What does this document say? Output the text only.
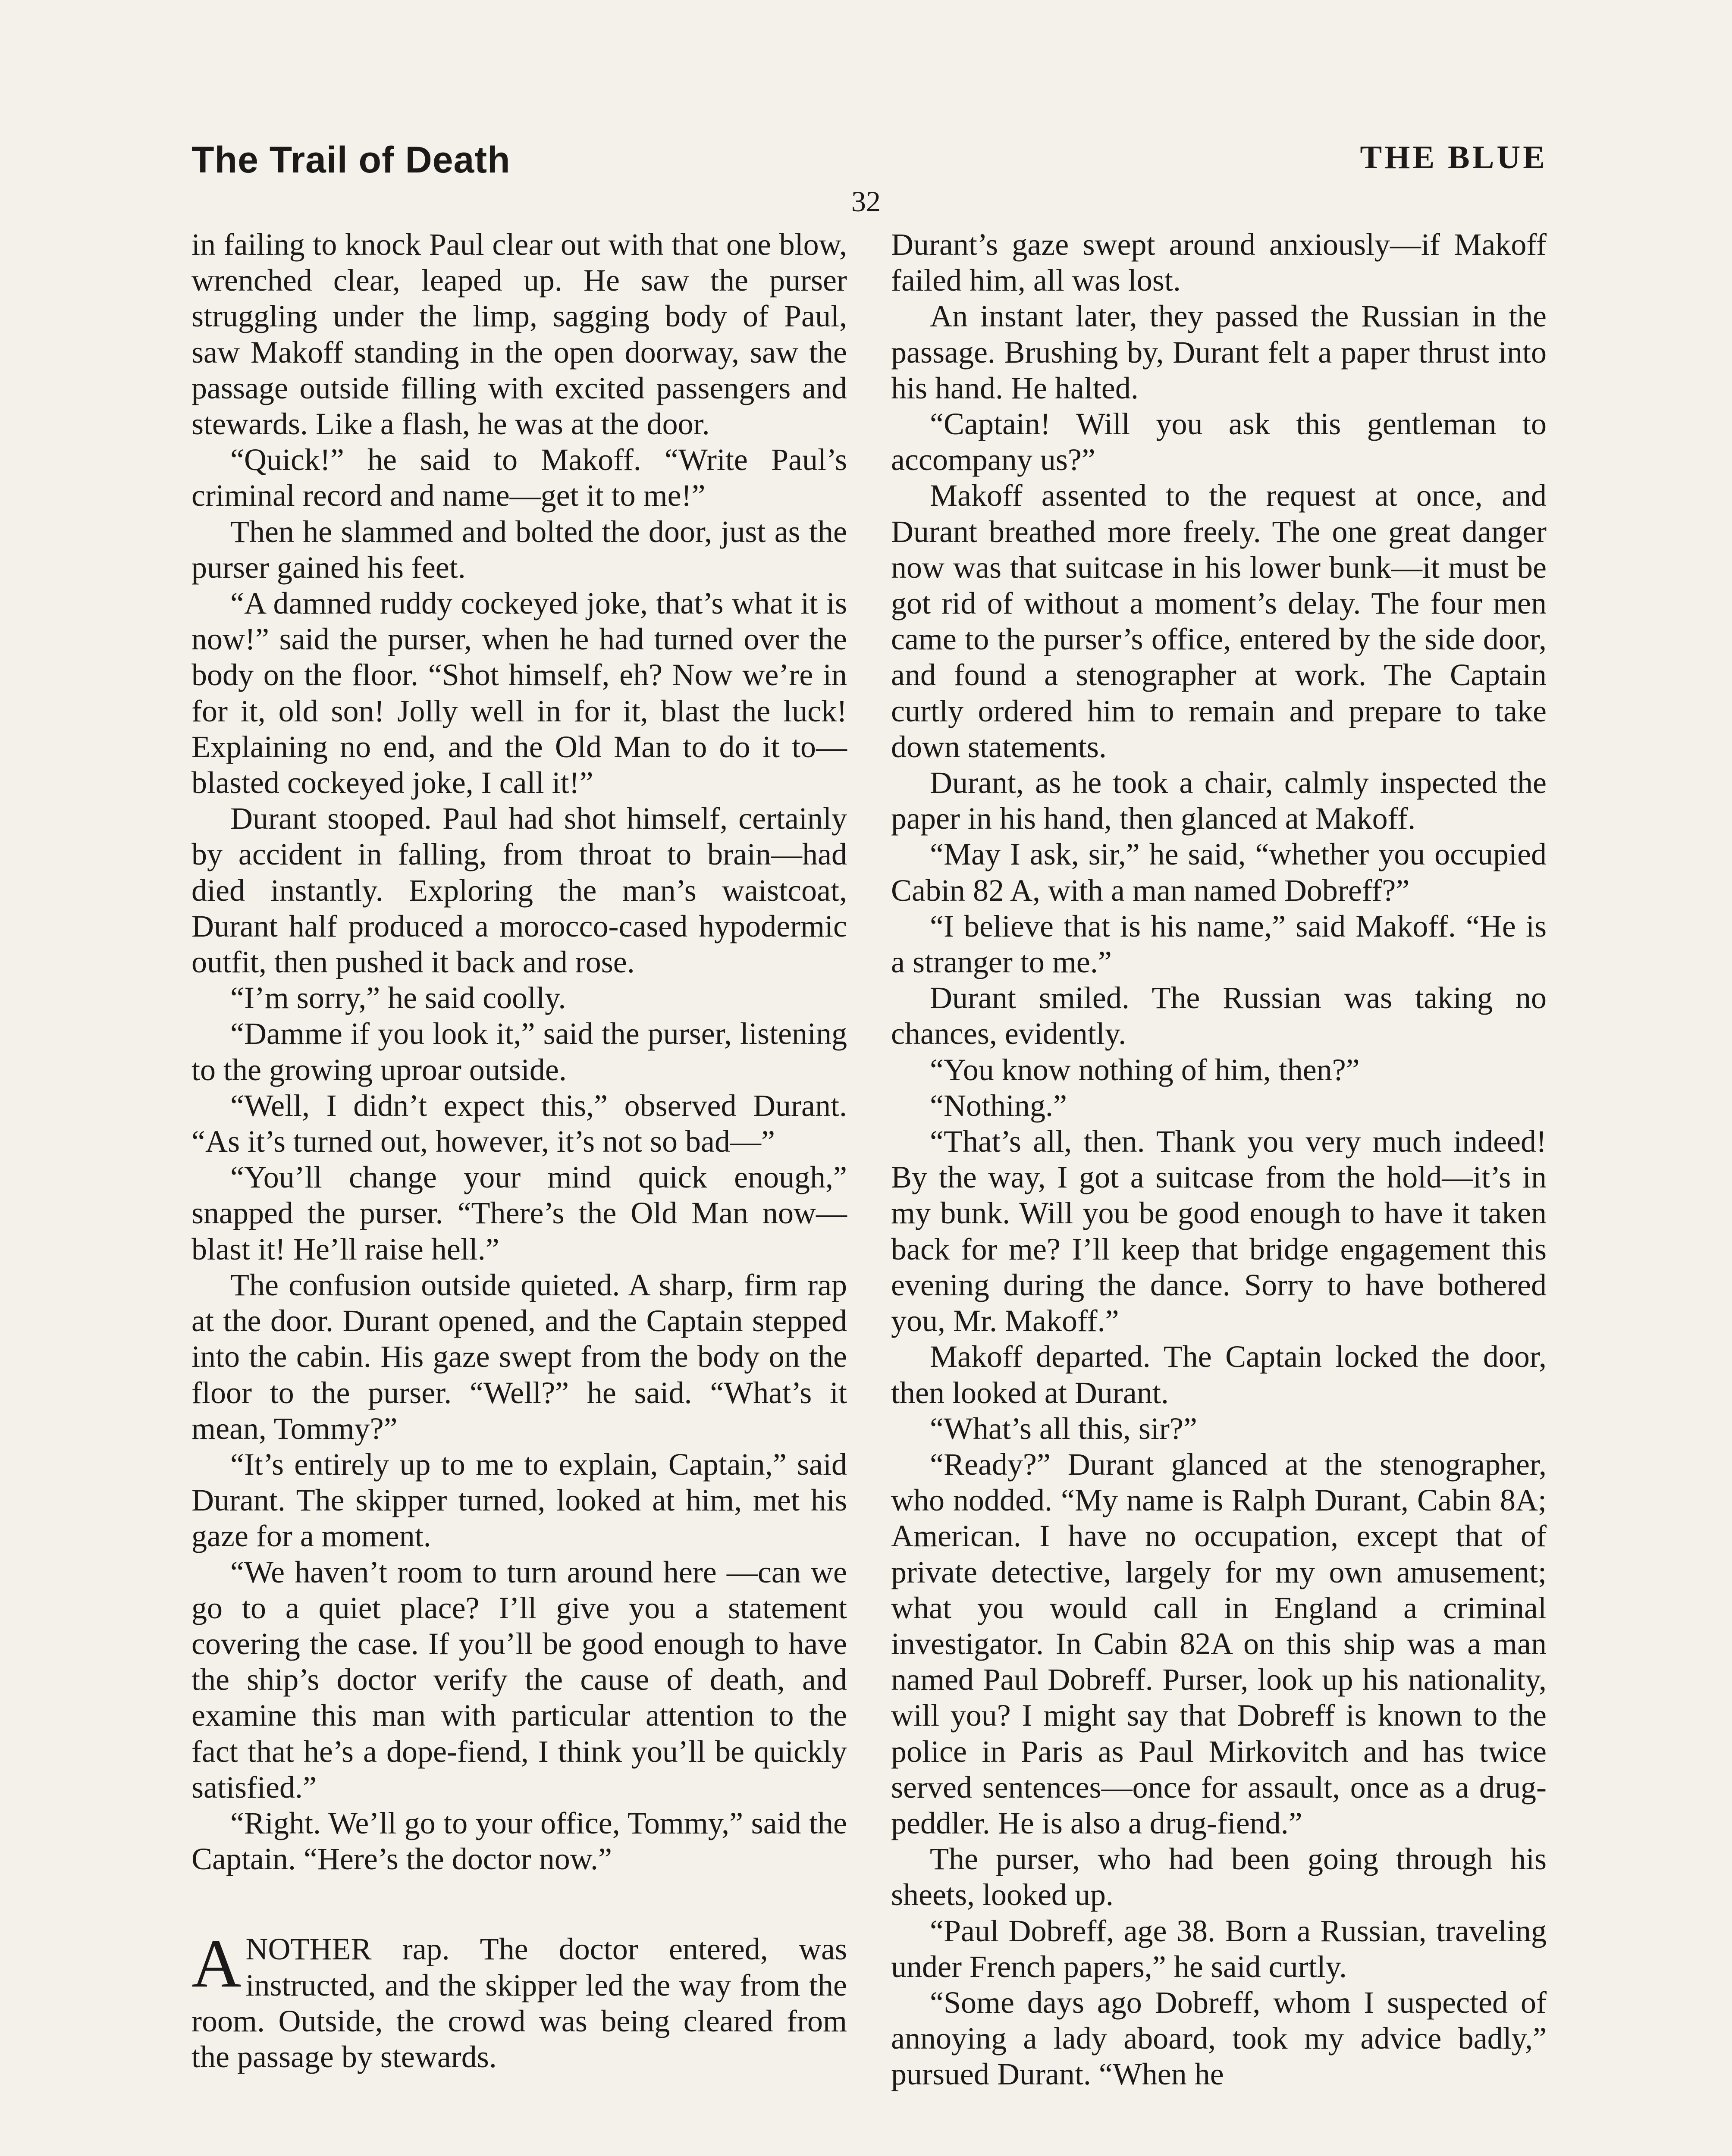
The Trail of Death	THE BLUE
32

in failing to knock Paul clear out with that one blow, wrenched clear, leaped up. He saw the purser struggling under the limp, sagging body of Paul, saw Makoff standing in the open doorway, saw the passage outside filling with excited passengers and stewards. Like a flash, he was at the door.

“Quick!” he said to Makoff. “Write Paul’s criminal record and name—get it to me!”

Then he slammed and bolted the door, just as the purser gained his feet.

“A damned ruddy cockeyed joke, that’s what it is now!” said the purser, when he had turned over the body on the floor. “Shot himself, eh? Now we’re in for it, old son! Jolly well in for it, blast the luck! Explaining no end, and the Old Man to do it to—blasted cockeyed joke, I call it!”

Durant stooped. Paul had shot himself, certainly by accident in falling, from throat to brain—had died instantly. Exploring the man’s waistcoat, Durant half produced a morocco-cased hypodermic outfit, then pushed it back and rose.

“I’m sorry,” he said coolly.

“Damme if you look it,” said the purser, listening to the growing uproar outside.

“Well, I didn’t expect this,” observed Durant. “As it’s turned out, however, it’s not so bad—”

“You’ll change your mind quick enough,” snapped the purser. “There’s the Old Man now—blast it! He’ll raise hell.”

The confusion outside quieted. A sharp, firm rap at the door. Durant opened, and the Captain stepped into the cabin. His gaze swept from the body on the floor to the purser. “Well?” he said. “What’s it mean, Tommy?”

“It’s entirely up to me to explain, Captain,” said Durant. The skipper turned, looked at him, met his gaze for a moment.

“We haven’t room to turn around here —can we go to a quiet place? I’ll give you a statement covering the case. If you’ll be good enough to have the ship’s doctor verify the cause of death, and examine this man with particular attention to the fact that he’s a dope-fiend, I think you’ll be quickly satisfied.”

“Right. We’ll go to your office, Tommy,” said the Captain. “Here’s the doctor now.”

ANOTHER rap. The doctor entered, was instructed, and the skipper led the way from the room. Outside, the crowd was being cleared from the passage by stewards.

Durant’s gaze swept around anxiously—if Makoff failed him, all was lost.

An instant later, they passed the Russian in the passage. Brushing by, Durant felt a paper thrust into his hand. He halted.

“Captain! Will you ask this gentleman to accompany us?”

Makoff assented to the request at once, and Durant breathed more freely. The one great danger now was that suitcase in his lower bunk—it must be got rid of without a moment’s delay. The four men came to the purser’s office, entered by the side door, and found a stenographer at work. The Captain curtly ordered him to remain and prepare to take down statements.

Durant, as he took a chair, calmly inspected the paper in his hand, then glanced at Makoff.

“May I ask, sir,” he said, “whether you occupied Cabin 82 A, with a man named Dobreff?”

“I believe that is his name,” said Makoff. “He is a stranger to me.”

Durant smiled. The Russian was taking no chances, evidently.

“You know nothing of him, then?”

“Nothing.”

“That’s all, then. Thank you very much indeed! By the way, I got a suitcase from the hold—it’s in my bunk. Will you be good enough to have it taken back for me? I’ll keep that bridge engagement this evening during the dance. Sorry to have bothered you, Mr. Makoff.”

Makoff departed. The Captain locked the door, then looked at Durant.

“What’s all this, sir?”

“Ready?” Durant glanced at the stenographer, who nodded. “My name is Ralph Durant, Cabin 8A; American. I have no occupation, except that of private detective, largely for my own amusement; what you would call in England a criminal investigator. In Cabin 82A on this ship was a man named Paul Dobreff. Purser, look up his nationality, will you? I might say that Dobreff is known to the police in Paris as Paul Mirkovitch and has twice served sentences—once for assault, once as a drug-peddler. He is also a drug-fiend.”

The purser, who had been going through his sheets, looked up.

“Paul Dobreff, age 38. Born a Russian, traveling under French papers,” he said curtly.

“Some days ago Dobreff, whom I suspected of annoying a lady aboard, took my advice badly,” pursued Durant. “When he
